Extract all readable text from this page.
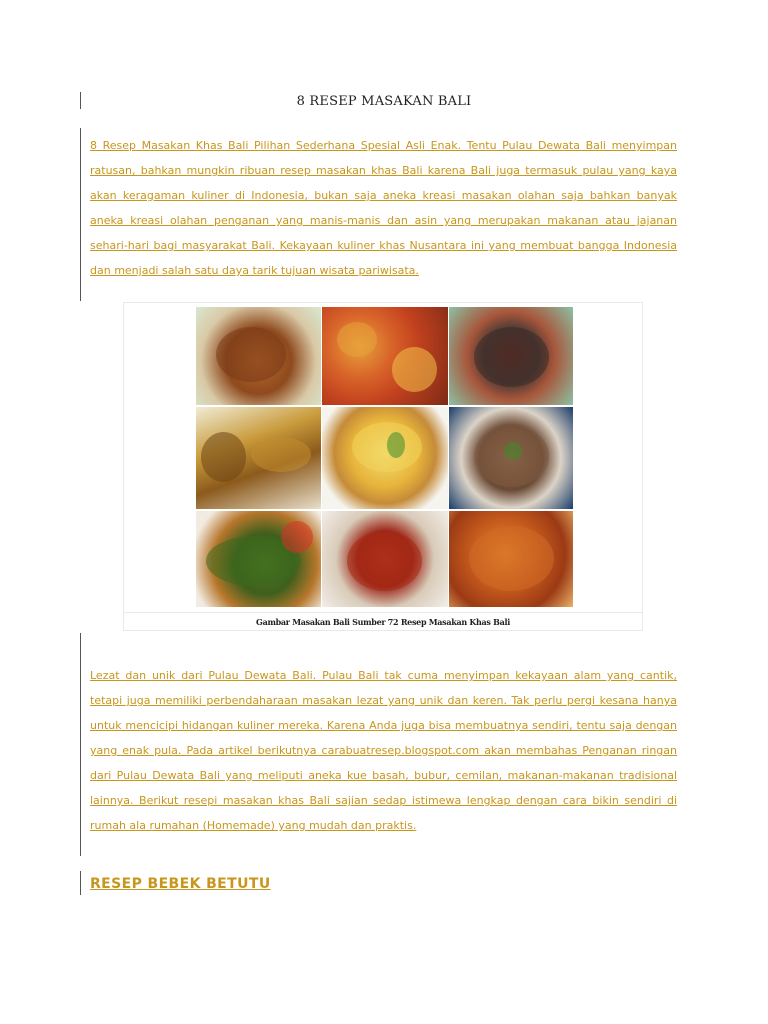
8 RESEP MASAKAN BALI

8 Resep Masakan Khas Bali Pilihan Sederhana Spesial Asli Enak. Tentu Pulau Dewata Bali menyimpan ratusan, bahkan mungkin ribuan resep masakan khas Bali karena Bali juga termasuk pulau yang kaya akan keragaman kuliner di Indonesia, bukan saja aneka kreasi masakan olahan saja bahkan banyak aneka kreasi olahan penganan yang manis-manis dan asin yang merupakan makanan atau jajanan sehari-hari bagi masyarakat Bali. Kekayaan kuliner khas Nusantara ini yang membuat bangga Indonesia dan menjadi salah satu daya tarik tujuan wisata pariwisata.

Gambar Masakan Bali Sumber 72 Resep Masakan Khas Bali

Lezat dan unik dari Pulau Dewata Bali. Pulau Bali tak cuma menyimpan kekayaan alam yang cantik, tetapi juga memiliki perbendaharaan masakan lezat yang unik dan keren. Tak perlu pergi kesana hanya untuk mencicipi hidangan kuliner mereka. Karena Anda juga bisa membuatnya sendiri, tentu saja dengan yang enak pula. Pada artikel berikutnya carabuatresep.blogspot.com akan membahas Penganan ringan dari Pulau Dewata Bali yang meliputi aneka kue basah, bubur, cemilan, makanan-makanan tradisional lainnya. Berikut resepi masakan khas Bali sajian sedap istimewa lengkap dengan cara bikin sendiri di rumah ala rumahan (Homemade) yang mudah dan praktis.

RESEP BEBEK BETUTU
